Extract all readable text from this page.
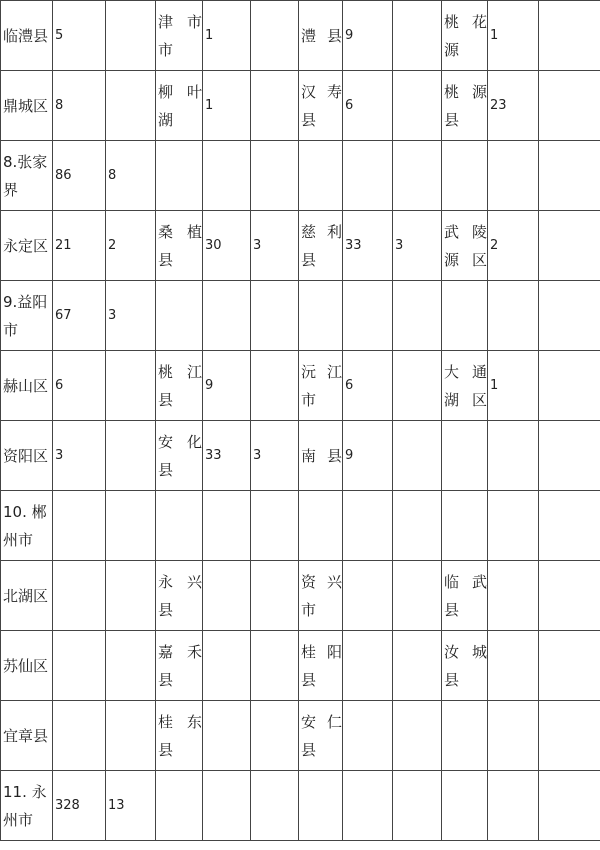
临澧县	5		津 市 市	1		澧县	9		桃 花 源	1	
鼎城区	8		柳 叶 湖	1		汉 寿 县	6		桃 源 县	23	
8.张家界	86	8									
永定区	21	2	桑 植 县	30	3	慈 利 县	33	3	武 陵 源区	2	
9.益阳市	67	3									
赫山区	6		桃 江 县	9		沅 江 市	6		大 通 湖区	1	
资阳区	3		安 化 县	33	3	南县	9				
10. 郴州市											
北湖区			永 兴 县			资 兴 市			临 武 县		
苏仙区			嘉 禾 县			桂 阳 县			汝 城 县		
宜章县			桂 东 县			安 仁 县					
11. 永州市	328	13									
